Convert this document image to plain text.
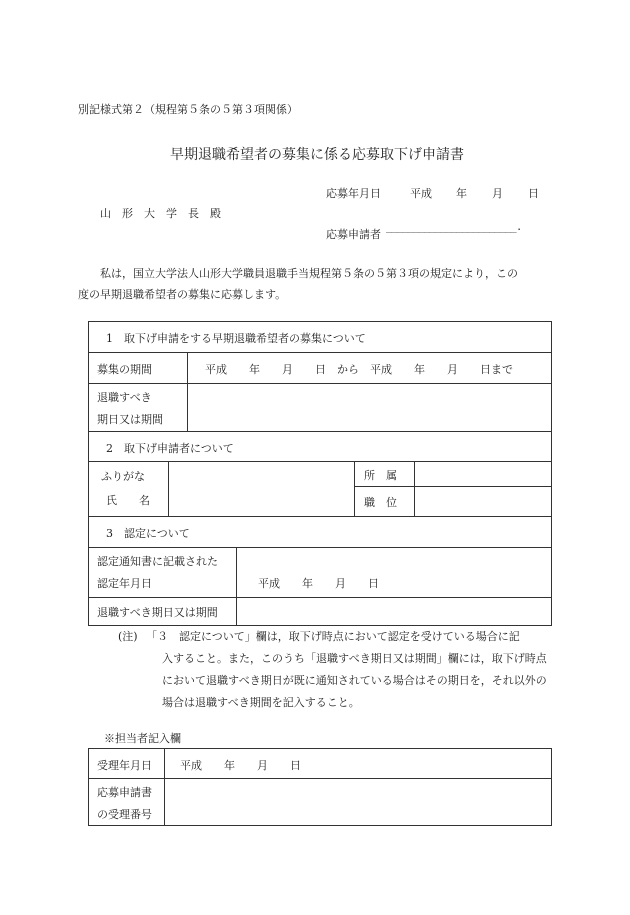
別記様式第２（規程第５条の５第３項関係）
早期退職希望者の募集に係る応募取下げ申請書
応募年月日	平成 年 月 日
山　形　大　学　長　殿
応募申請者
________________________.
私は，国立大学法人山形大学職員退職手当規程第５条の５第３項の規定により，この
度の早期退職希望者の募集に応募します。
1　取下げ申請をする早期退職希望者の募集について
募集の期間	平成　　年　　月　　日　から　平成　　年　　月　　日まで
退職すべき
期日又は期間
2　取下げ申請者について
ふりがな
氏　　名
所　属
職　位
3　認定について
認定通知書に記載された
認定年月日	平成　　年　　月　　日
退職すべき期日又は期間
(注) 「３　認定について」欄は，取下げ時点において認定を受けている場合に記
入すること。また，このうち「退職すべき期日又は期間」欄には，取下げ時点
において退職すべき期日が既に通知されている場合はその期日を，それ以外の
場合は退職すべき期間を記入すること。
※担当者記入欄
受理年月日	平成　　年　　月　　日
応募申請書
の受理番号
